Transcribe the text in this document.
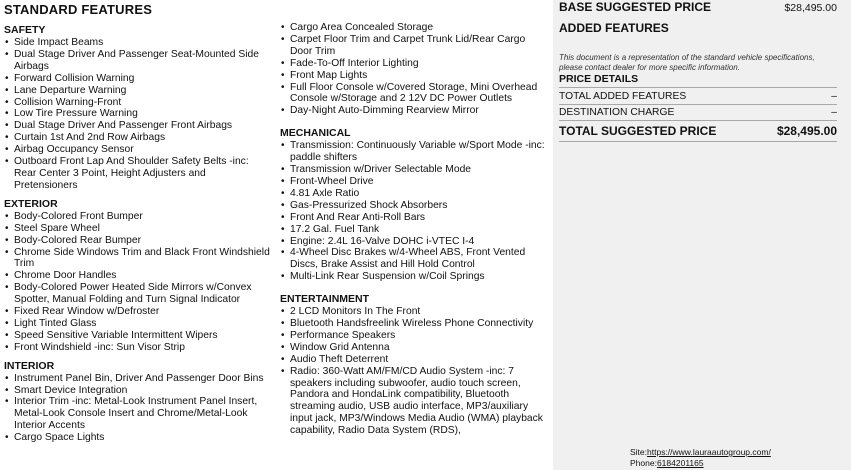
STANDARD FEATURES
SAFETY
• Side Impact Beams
• Dual Stage Driver And Passenger Seat-Mounted Side Airbags
• Forward Collision Warning
• Lane Departure Warning
• Collision Warning-Front
• Low Tire Pressure Warning
• Dual Stage Driver And Passenger Front Airbags
• Curtain 1st And 2nd Row Airbags
• Airbag Occupancy Sensor
• Outboard Front Lap And Shoulder Safety Belts -inc: Rear Center 3 Point, Height Adjusters and Pretensioners
EXTERIOR
• Body-Colored Front Bumper
• Steel Spare Wheel
• Body-Colored Rear Bumper
• Chrome Side Windows Trim and Black Front Windshield Trim
• Chrome Door Handles
• Body-Colored Power Heated Side Mirrors w/Convex Spotter, Manual Folding and Turn Signal Indicator
• Fixed Rear Window w/Defroster
• Light Tinted Glass
• Speed Sensitive Variable Intermittent Wipers
• Front Windshield -inc: Sun Visor Strip
INTERIOR
• Instrument Panel Bin, Driver And Passenger Door Bins
• Smart Device Integration
• Interior Trim -inc: Metal-Look Instrument Panel Insert, Metal-Look Console Insert and Chrome/Metal-Look Interior Accents
• Cargo Space Lights
• Cargo Area Concealed Storage
• Carpet Floor Trim and Carpet Trunk Lid/Rear Cargo Door Trim
• Fade-To-Off Interior Lighting
• Front Map Lights
• Full Floor Console w/Covered Storage, Mini Overhead Console w/Storage and 2 12V DC Power Outlets
• Day-Night Auto-Dimming Rearview Mirror
MECHANICAL
• Transmission: Continuously Variable w/Sport Mode -inc: paddle shifters
• Transmission w/Driver Selectable Mode
• Front-Wheel Drive
• 4.81 Axle Ratio
• Gas-Pressurized Shock Absorbers
• Front And Rear Anti-Roll Bars
• 17.2 Gal. Fuel Tank
• Engine: 2.4L 16-Valve DOHC i-VTEC I-4
• 4-Wheel Disc Brakes w/4-Wheel ABS, Front Vented Discs, Brake Assist and Hill Hold Control
• Multi-Link Rear Suspension w/Coil Springs
ENTERTAINMENT
• 2 LCD Monitors In The Front
• Bluetooth Handsfreelink Wireless Phone Connectivity
• Performance Speakers
• Window Grid Antenna
• Audio Theft Deterrent
• Radio: 360-Watt AM/FM/CD Audio System -inc: 7 speakers including subwoofer, audio touch screen, Pandora and HondaLink compatibility, Bluetooth streaming audio, USB audio interface, MP3/auxiliary input jack, MP3/Windows Media Audio (WMA) playback capability, Radio Data System (RDS),
BASE SUGGESTED PRICE	$28,495.00
ADDED FEATURES
This document is a representation of the standard vehicle specifications, please contact dealer for more specific information.
PRICE DETAILS
TOTAL ADDED FEATURES	–
DESTINATION CHARGE	–
TOTAL SUGGESTED PRICE	$28,495.00
Site:https://www.lauraautogroup.com/
Phone:6184201165
